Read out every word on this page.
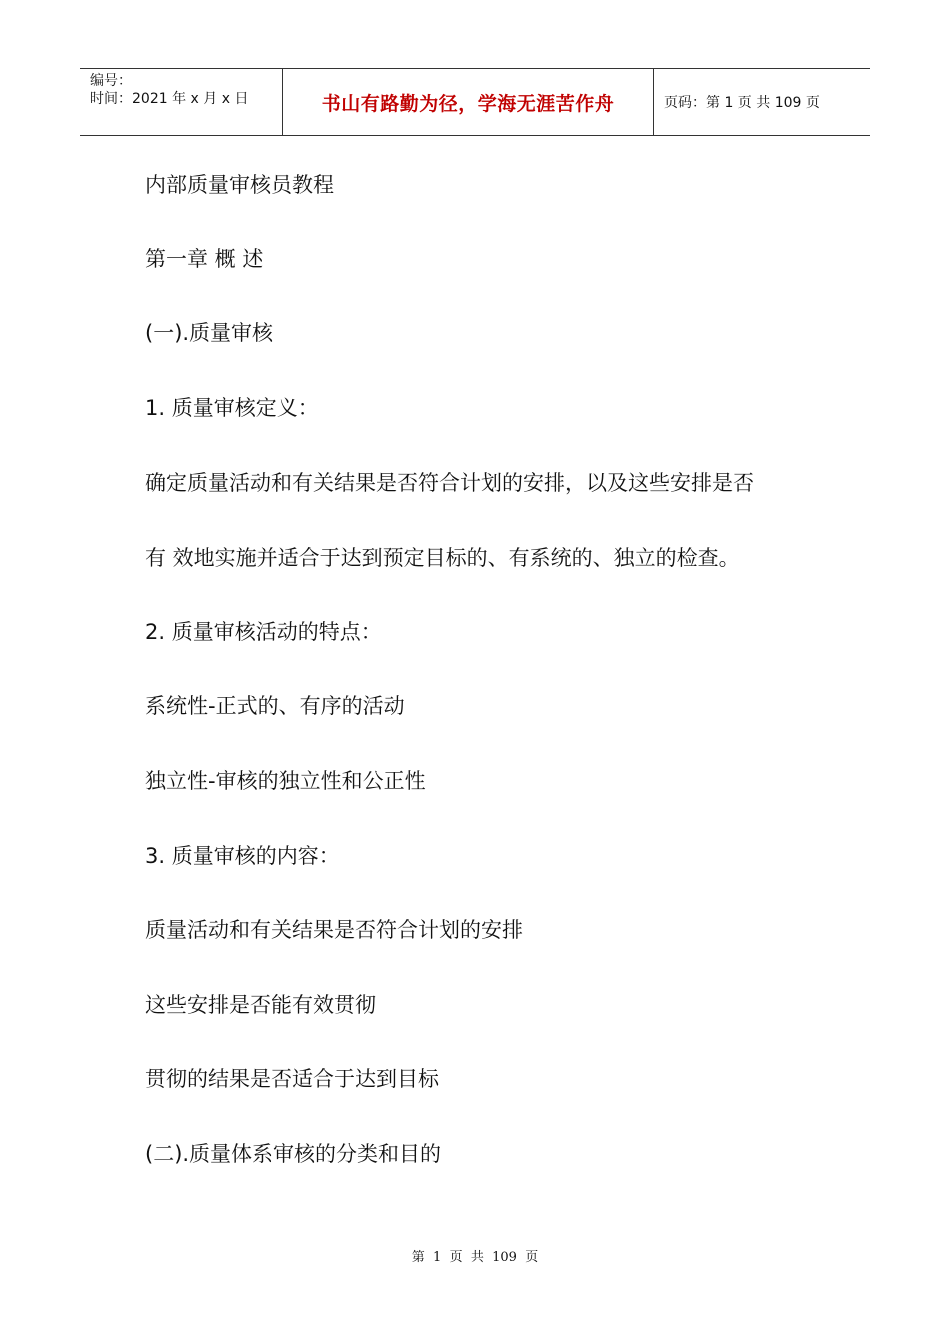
编号：
时间：2021 年 x 月 x 日	书山有路勤为径，学海无涯苦作舟	页码：第 1 页 共 109 页
内部质量审核员教程
第一章 概 述
(一).质量审核
1. 质量审核定义：
确定质量活动和有关结果是否符合计划的安排，以及这些安排是否
有 效地实施并适合于达到预定目标的、有系统的、独立的检查。
2. 质量审核活动的特点：
系统性-正式的、有序的活动
独立性-审核的独立性和公正性
3. 质量审核的内容：
质量活动和有关结果是否符合计划的安排
这些安排是否能有效贯彻
贯彻的结果是否适合于达到目标
(二).质量体系审核的分类和目的
第  1  页  共  109  页
